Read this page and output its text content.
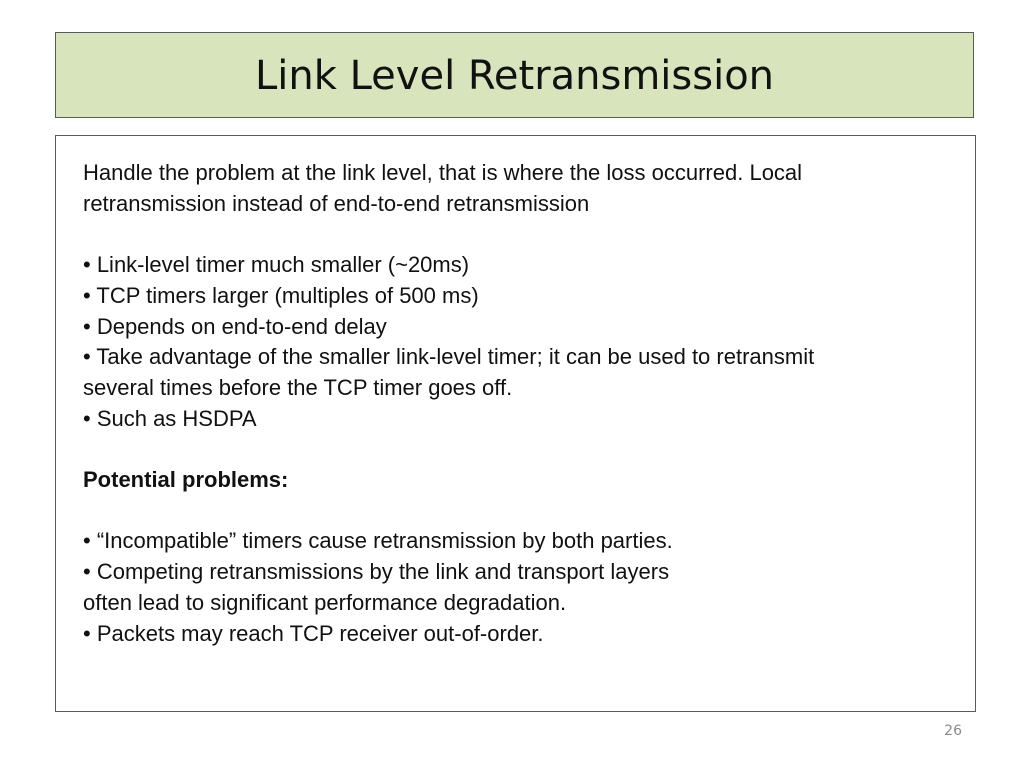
Link Level Retransmission
Handle the problem at the link level, that is where the loss occurred. Local
retransmission instead of end-to-end retransmission
• Link-level timer much smaller (~20ms)
• TCP timers larger (multiples of 500 ms)
• Depends on end-to-end delay
• Take advantage of the smaller link-level timer; it can be used to retransmit
several times before the TCP timer goes off.
• Such as HSDPA
Potential problems:
• “Incompatible” timers cause retransmission by both parties.
• Competing retransmissions by the link and transport layers
often lead to significant performance degradation.
• Packets may reach TCP receiver out-of-order.
26
